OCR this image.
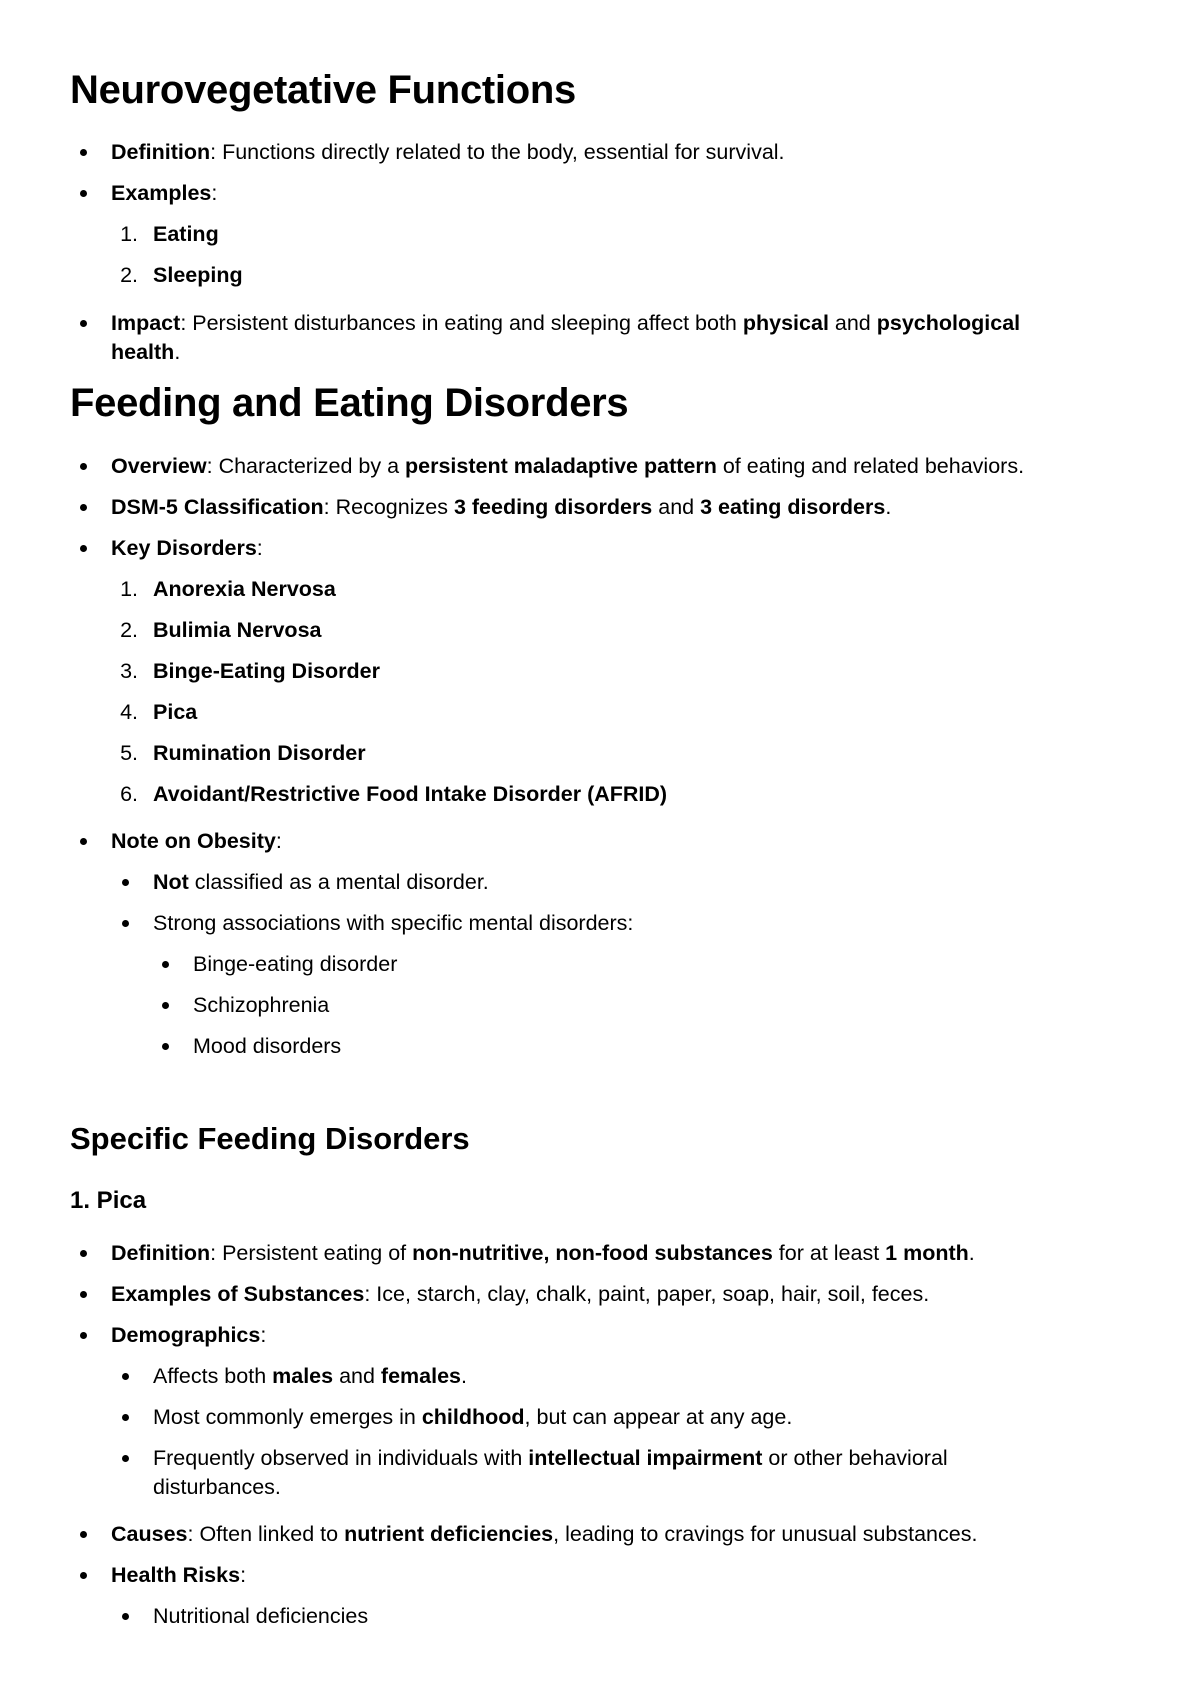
Neurovegetative Functions
Definition: Functions directly related to the body, essential for survival.
Examples:
1. Eating
2. Sleeping
Impact: Persistent disturbances in eating and sleeping affect both physical and psychological
health.
Feeding and Eating Disorders
Overview: Characterized by a persistent maladaptive pattern of eating and related behaviors.
DSM-5 Classification: Recognizes 3 feeding disorders and 3 eating disorders.
Key Disorders:
1. Anorexia Nervosa
2. Bulimia Nervosa
3. Binge-Eating Disorder
4. Pica
5. Rumination Disorder
6. Avoidant/Restrictive Food Intake Disorder (AFRID)
Note on Obesity:
Not classified as a mental disorder.
Strong associations with specific mental disorders:
Binge-eating disorder
Schizophrenia
Mood disorders
Specific Feeding Disorders
1. Pica
Definition: Persistent eating of non-nutritive, non-food substances for at least 1 month.
Examples of Substances: Ice, starch, clay, chalk, paint, paper, soap, hair, soil, feces.
Demographics:
Affects both males and females.
Most commonly emerges in childhood, but can appear at any age.
Frequently observed in individuals with intellectual impairment or other behavioral
disturbances.
Causes: Often linked to nutrient deficiencies, leading to cravings for unusual substances.
Health Risks:
Nutritional deficiencies
